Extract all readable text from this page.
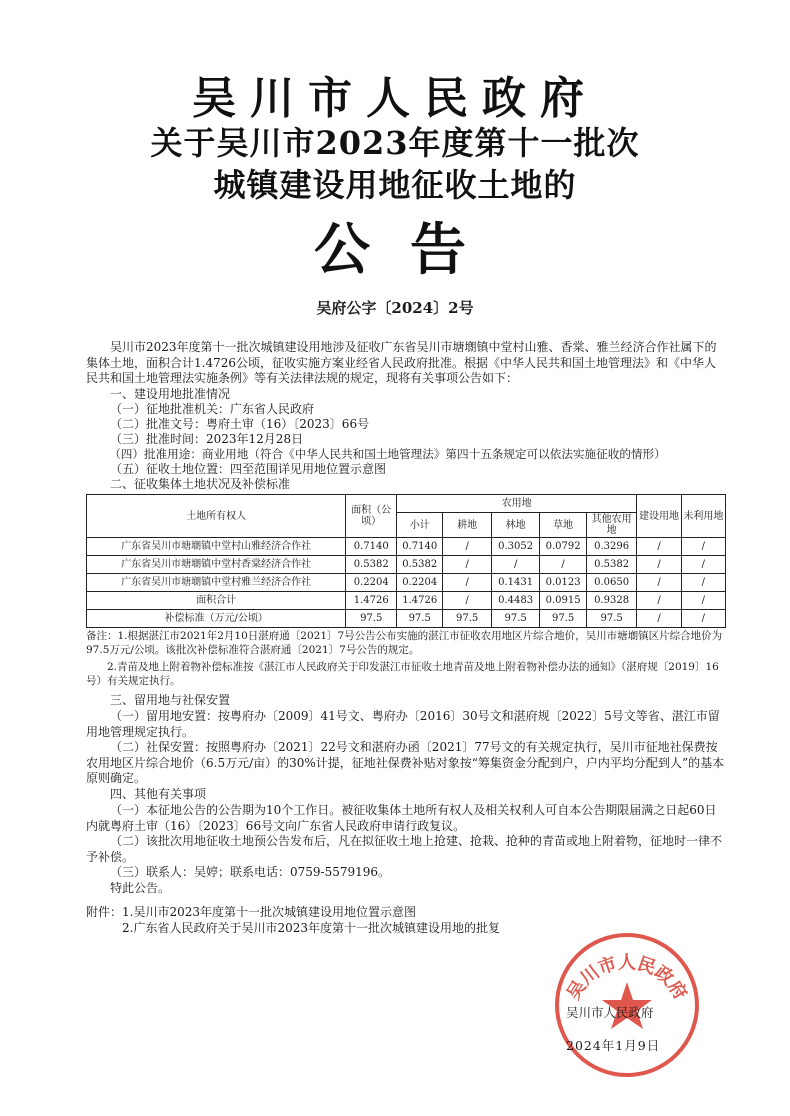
吴川市人民政府
关于吴川市2023年度第十一批次
城镇建设用地征收土地的
公告
吴府公字〔2024〕2号
吴川市2023年度第十一批次城镇建设用地涉及征收广东省吴川市塘㙟镇中堂村山雅、香棠、雅兰经济合作社属下的集体土地，面积合计1.4726公顷，征收实施方案业经省人民政府批准。根据《中华人民共和国土地管理法》和《中华人民共和国土地管理法实施条例》等有关法律法规的规定，现将有关事项公告如下：
一、建设用地批准情况
（一）征地批准机关：广东省人民政府
（二）批准文号：粤府土审（16）〔2023〕66号
（三）批准时间：2023年12月28日
（四）批准用途：商业用地（符合《中华人民共和国土地管理法》第四十五条规定可以依法实施征收的情形）
（五）征收土地位置：四至范围详见用地位置示意图
二、征收集体土地状况及补偿标准
土地所有权人	面积（公顷）	农用地					建设用地	未利用地
		小计	耕地	林地	草地	其他农用地		
广东省吴川市塘㙟镇中堂村山雅经济合作社	0.7140	0.7140	/	0.3052	0.0792	0.3296	/	/
广东省吴川市塘㙟镇中堂村香棠经济合作社	0.5382	0.5382	/	/	/	0.5382	/	/
广东省吴川市塘㙟镇中堂村雅兰经济合作社	0.2204	0.2204	/	0.1431	0.0123	0.0650	/	/
面积合计	1.4726	1.4726	/	0.4483	0.0915	0.9328	/	/
补偿标准（万元/公顷）	97.5	97.5	97.5	97.5	97.5	97.5	/	/
备注：1.根据湛江市2021年2月10日湛府通〔2021〕7号公告公布实施的湛江市征收农用地区片综合地价，吴川市塘㙟镇区片综合地价为97.5万元/公顷。该批次补偿标准符合湛府通〔2021〕7号公告的规定。
2.青苗及地上附着物补偿标准按《湛江市人民政府关于印发湛江市征收土地青苗及地上附着物补偿办法的通知》（湛府规〔2019〕16号）有关规定执行。
三、留用地与社保安置
（一）留用地安置：按粤府办〔2009〕41号文、粤府办〔2016〕30号文和湛府规〔2022〕5号文等省、湛江市留用地管理规定执行。
（二）社保安置：按照粤府办〔2021〕22号文和湛府办函〔2021〕77号文的有关规定执行，吴川市征地社保费按农用地区片综合地价（6.5万元/亩）的30%计提，征地社保费补贴对象按“筹集资金分配到户，户内平均分配到人”的基本原则确定。
四、其他有关事项
（一）本征地公告的公告期为10个工作日。被征收集体土地所有权人及相关权利人可自本公告期限届满之日起60日内就粤府土审（16）〔2023〕66号文向广东省人民政府申请行政复议。
（二）该批次用地征收土地预公告发布后，凡在拟征收土地上抢建、抢栽、抢种的青苗或地上附着物，征地时一律不予补偿。
（三）联系人：吴婷；联系电话：0759-5579196。
特此公告。
附件：1.吴川市2023年度第十一批次城镇建设用地位置示意图
2.广东省人民政府关于吴川市2023年度第十一批次城镇建设用地的批复
吴川市人民政府
吴川市人民政府
2024年1月9日
